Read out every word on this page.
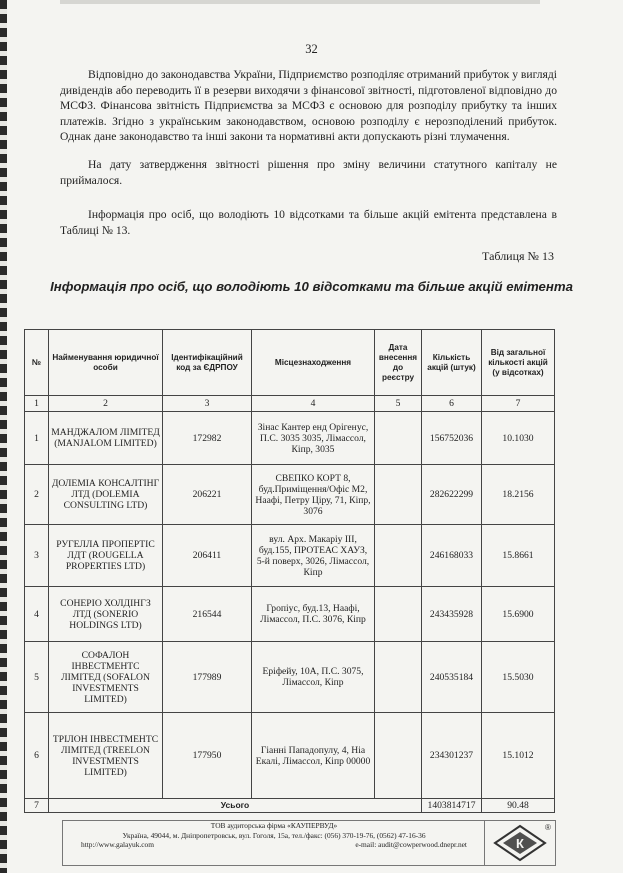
32

Відповідно до законодавства України, Підприємство розподіляє отриманий прибуток у вигляді дивідендів або переводить її в резерви виходячи з фінансової звітності, підготовленої відповідно до МСФЗ. Фінансова звітність Підприємства за МСФЗ є основою для розподілу прибутку та інших платежів. Згідно з українським законодавством, основою розподілу є нерозподілений прибуток. Однак дане законодавство та інші закони та нормативні акти допускають різні тлумачення.

На дату затвердження звітності рішення про зміну величини статутного капіталу не приймалося.

Інформація про осіб, що володіють 10 відсотками та більше акцій емітента представлена в Таблиці № 13.

Таблиця № 13
Інформація про осіб, що володіють 10 відсотками та більше акцій емітента
№	Найменування юридичної особи	Ідентифікаційний код за ЄДРПОУ	Місцезнаходження	Дата внесення до реєстру	Кількість акцій (штук)	Від загальної кількості акцій (у відсотках)
1	2	3	4	5	6	7
1	МАНДЖАЛОМ ЛІМІТЕД (MANJALOM LIMITED)	172982	Зінас Кантер енд Орігенус, П.С. 3035 3035, Лімассол, Кіпр, 3035		156752036	10.1030
2	ДОЛЕМІА КОНСАЛТІНГ ЛТД (DOLEMIA CONSULTING LTD)	206221	СВЕПКО КОРТ 8, буд.Приміщення/Офіс М2, Наафі, Петру Ціру, 71, Кіпр, 3076		282622299	18.2156
3	РУГЕЛЛА ПРОПЕРТІС ЛДТ (ROUGELLA PROPERTIES LTD)	206411	вул. Арх. Макаріу ІІІ, буд.155, ПРОТЕАС ХАУЗ, 5-й поверх, 3026, Лімассол, Кіпр		246168033	15.8661
4	СОНЕРІО ХОЛДІНГЗ ЛТД (SONERIO HOLDINGS LTD)	216544	Гропіус, буд.13, Наафі, Лімассол, П.С. 3076, Кіпр		243435928	15.6900
5	СОФАЛОН ІНВЕСТМЕНТС ЛІМІТЕД (SOFALON INVESTMENTS LIMITED)	177989	Еріфейу, 10А, П.С. 3075, Лімассол, Кіпр		240535184	15.5030
6	ТРІЛОН ІНВЕСТМЕНТС ЛІМІТЕД (TREELON INVESTMENTS LIMITED)	177950	Гіанні Пападопулу, 4, Ніа Екалі, Лімассол, Кіпр 00000		234301237	15.1012
7	Усього				1403814717	90.48
ТОВ аудиторська фірма «КАУПЕРВУД»
Україна, 49044, м. Дніпропетровськ, вул. Гоголя, 15а, тел./факс: (056) 370-19-76, (0562) 47-16-36
http://www.galayuk.com	e-mail: audit@cowperwood.dnepr.net	К
®
